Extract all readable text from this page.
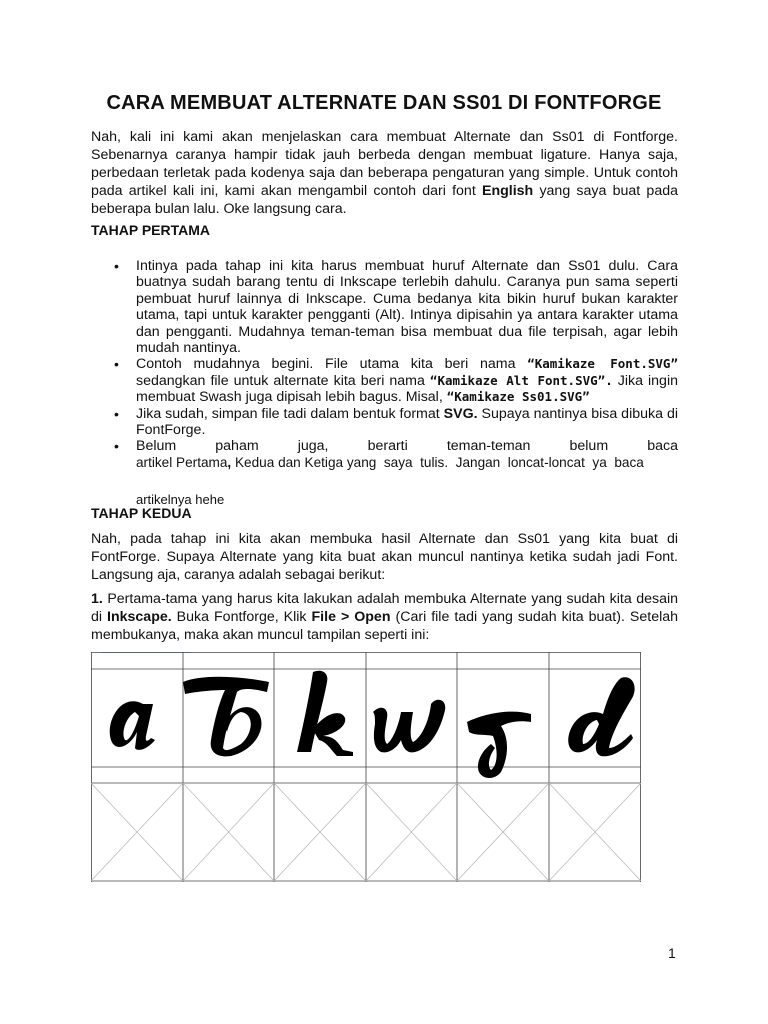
CARA MEMBUAT ALTERNATE DAN SS01 DI FONTFORGE

Nah, kali ini kami akan menjelaskan cara membuat Alternate dan Ss01 di Fontforge. Sebenarnya caranya hampir tidak jauh berbeda dengan membuat ligature. Hanya saja, perbedaan terletak pada kodenya saja dan beberapa pengaturan yang simple. Untuk contoh pada artikel kali ini, kami akan mengambil contoh dari font English yang saya buat pada beberapa bulan lalu. Oke langsung cara.

TAHAP PERTAMA
• Intinya pada tahap ini kita harus membuat huruf Alternate dan Ss01 dulu. Cara buatnya sudah barang tentu di Inkscape terlebih dahulu. Caranya pun sama seperti pembuat huruf lainnya di Inkscape. Cuma bedanya kita bikin huruf bukan karakter utama, tapi untuk karakter pengganti (Alt). Intinya dipisahin ya antara karakter utama dan pengganti. Mudahnya teman-teman bisa membuat dua file terpisah, agar lebih mudah nantinya.
• Contoh mudahnya begini. File utama kita beri nama “Kamikaze Font.SVG” sedangkan file untuk alternate kita beri nama “Kamikaze Alt Font.SVG”. Jika ingin membuat Swash juga dipisah lebih bagus. Misal, “Kamikaze Ss01.SVG”
• Jika sudah, simpan file tadi dalam bentuk format SVG. Supaya nantinya bisa dibuka di FontForge.
• Belum	paham	juga,	berarti	teman-teman	belum	baca
artikel Pertama, Kedua dan Ketiga yang  saya  tulis.  Jangan  loncat-loncat  ya  baca
artikelnya hehe
TAHAP KEDUA

Nah, pada tahap ini kita akan membuka hasil Alternate dan Ss01 yang kita buat di FontForge. Supaya Alternate yang kita buat akan muncul nantinya ketika sudah jadi Font. Langsung aja, caranya adalah sebagai berikut:

1. Pertama-tama yang harus kita lakukan adalah membuka Alternate yang sudah kita desain di Inkscape. Buka Fontforge, Klik File > Open (Cari file tadi yang sudah kita buat). Setelah membukanya, maka akan muncul tampilan seperti ini:

1
